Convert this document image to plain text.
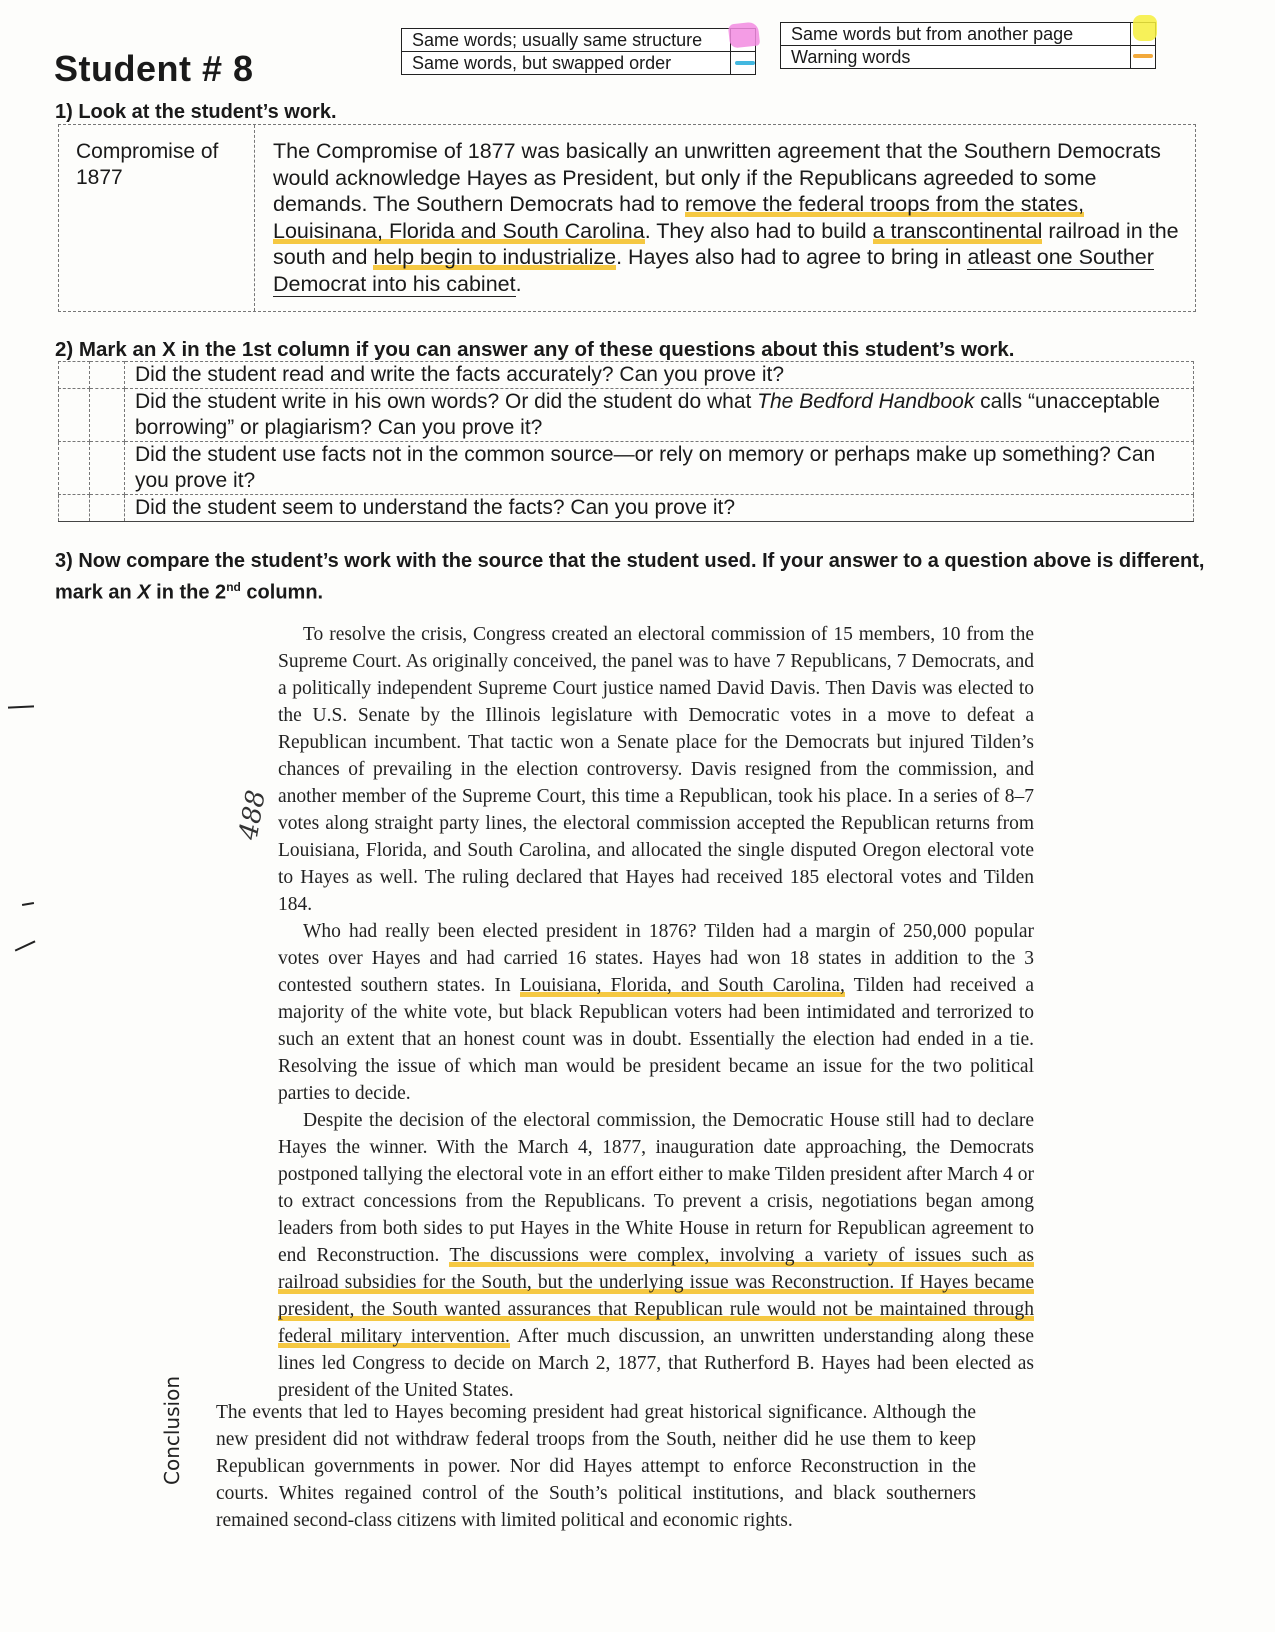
Same words; usually same structure
Same words, but swapped order
Same words but from another page
Warning words
Student # 8
1) Look at the student’s work.
Compromise of 1877
The Compromise of 1877 was basically an unwritten agreement that the Southern Democrats would acknowledge Hayes as President, but only if the Republicans agreeded to some demands. The Southern Democrats had to remove the federal troops from the states, Louisinana, Florida and South Carolina. They also had to build a transcontinental railroad in the south and help begin to industrialize. Hayes also had to agree to bring in atleast one Souther Democrat into his cabinet.
2) Mark an X in the 1st column if you can answer any of these questions about this student’s work.
		Did the student read and write the facts accurately? Can you prove it?
		Did the student write in his own words? Or did the student do what The Bedford Handbook calls “unacceptable borrowing” or plagiarism? Can you prove it?
		Did the student use facts not in the common source—or rely on memory or perhaps make up something? Can you prove it?
		Did the student seem to understand the facts? Can you prove it?
3) Now compare the student’s work with the source that the student used. If your answer to a question above is different, mark an X in the 2nd column.

To resolve the crisis, Congress created an electoral commission of 15 members, 10 from the Supreme Court. As originally conceived, the panel was to have 7 Republicans, 7 Democrats, and a politically independent Supreme Court justice named David Davis. Then Davis was elected to the U.S. Senate by the Illinois legislature with Democratic votes in a move to defeat a Republican incumbent. That tactic won a Senate place for the Democrats but injured Tilden’s chances of prevailing in the election controversy. Davis resigned from the commission, and another member of the Supreme Court, this time a Republican, took his place. In a series of 8–7 votes along straight party lines, the electoral commission accepted the Republican returns from Louisiana, Florida, and South Carolina, and allocated the single disputed Oregon electoral vote to Hayes as well. The ruling declared that Hayes had received 185 electoral votes and Tilden 184.

Who had really been elected president in 1876? Tilden had a margin of 250,000 popular votes over Hayes and had carried 16 states. Hayes had won 18 states in addition to the 3 contested southern states. In Louisiana, Florida, and South Carolina, Tilden had received a majority of the white vote, but black Republican voters had been intimidated and terrorized to such an extent that an honest count was in doubt. Essentially the election had ended in a tie. Resolving the issue of which man would be president became an issue for the two political parties to decide.

Despite the decision of the electoral commission, the Democratic House still had to declare Hayes the winner. With the March 4, 1877, inauguration date approaching, the Democrats postponed tallying the electoral vote in an effort either to make Tilden president after March 4 or to extract concessions from the Republicans. To prevent a crisis, negotiations began among leaders from both sides to put Hayes in the White House in return for Republican agreement to end Reconstruction. The discussions were complex, involving a variety of issues such as railroad subsidies for the South, but the underlying issue was Reconstruction. If Hayes became president, the South wanted assurances that Republican rule would not be maintained through federal military intervention. After much discussion, an unwritten understanding along these lines led Congress to decide on March 2, 1877, that Rutherford B. Hayes had been elected as president of the United States.

488
Conclusion The events that led to Hayes becoming president had great historical significance. Although the new president did not withdraw federal troops from the South, neither did he use them to keep Republican governments in power. Nor did Hayes attempt to enforce Reconstruction in the courts. Whites regained control of the South’s political institutions, and black southerners remained second-class citizens with limited political and economic rights.
